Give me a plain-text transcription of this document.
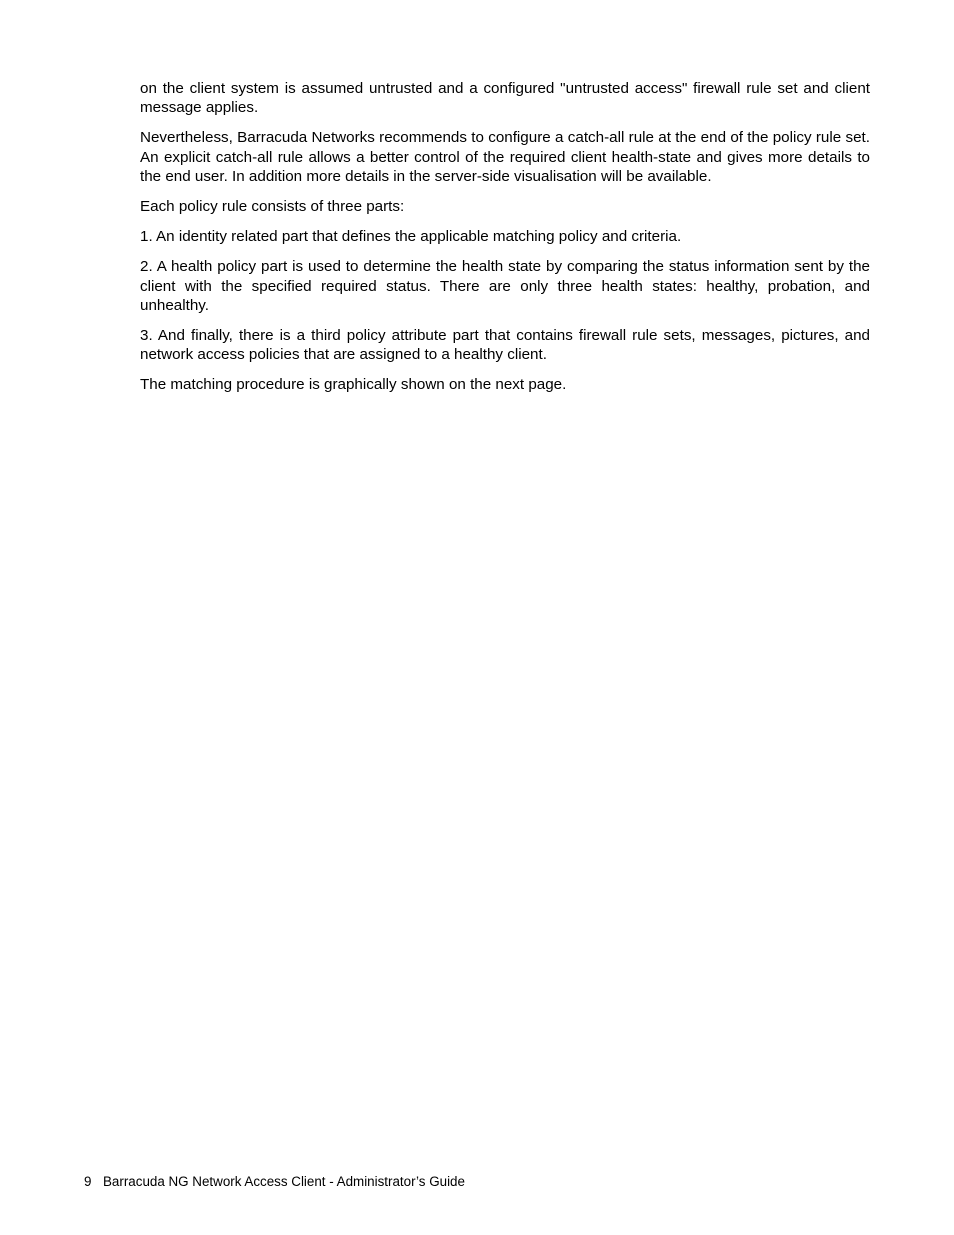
on the client system is assumed untrusted and a configured "untrusted access" firewall rule set and client message applies.

Nevertheless, Barracuda Networks recommends to configure a catch-all rule at the end of the policy rule set. An explicit catch-all rule allows a better control of the required client health-state and gives more details to the end user. In addition more details in the server-side visualisation will be available.

Each policy rule consists of three parts:

1. An identity related part that defines the applicable matching policy and criteria.

2. A health policy part is used to determine the health state by comparing the status information sent by the client with the specified required status. There are only three health states: healthy, probation, and unhealthy.

3. And finally, there is a third policy attribute part that contains firewall rule sets, messages, pictures, and network access policies that are assigned to a healthy client.

The matching procedure is graphically shown on the next page.

9 Barracuda NG Network Access Client - Administrator’s Guide
